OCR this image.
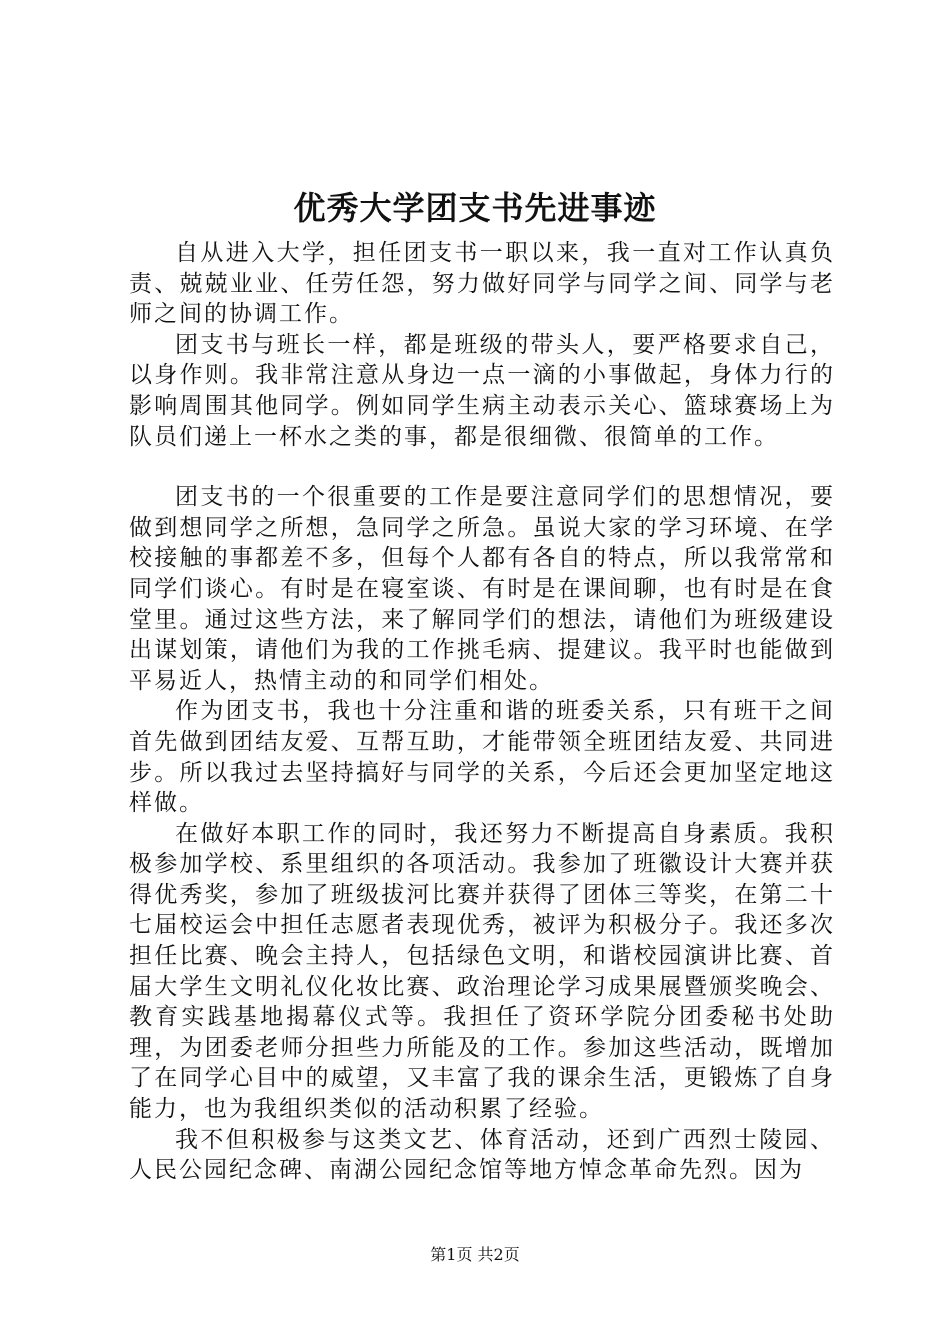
优秀大学团支书先进事迹

自从进入大学，担任团支书一职以来，我一直对工作认真负责、兢兢业业、任劳任怨，努力做好同学与同学之间、同学与老师之间的协调工作。

团支书与班长一样，都是班级的带头人，要严格要求自己，以身作则。我非常注意从身边一点一滴的小事做起，身体力行的影响周围其他同学。例如同学生病主动表示关心、篮球赛场上为队员们递上一杯水之类的事，都是很细微、很简单的工作。

团支书的一个很重要的工作是要注意同学们的思想情况，要做到想同学之所想，急同学之所急。虽说大家的学习环境、在学校接触的事都差不多，但每个人都有各自的特点，所以我常常和同学们谈心。有时是在寝室谈、有时是在课间聊，也有时是在食堂里。通过这些方法，来了解同学们的想法，请他们为班级建设出谋划策，请他们为我的工作挑毛病、提建议。我平时也能做到平易近人，热情主动的和同学们相处。

作为团支书，我也十分注重和谐的班委关系，只有班干之间首先做到团结友爱、互帮互助，才能带领全班团结友爱、共同进步。所以我过去坚持搞好与同学的关系，今后还会更加坚定地这样做。

在做好本职工作的同时，我还努力不断提高自身素质。我积极参加学校、系里组织的各项活动。我参加了班徽设计大赛并获得优秀奖，参加了班级拔河比赛并获得了团体三等奖，在第二十七届校运会中担任志愿者表现优秀，被评为积极分子。我还多次担任比赛、晚会主持人，包括绿色文明，和谐校园演讲比赛、首届大学生文明礼仪化妆比赛、政治理论学习成果展暨颁奖晚会、教育实践基地揭幕仪式等。我担任了资环学院分团委秘书处助理，为团委老师分担些力所能及的工作。参加这些活动，既增加了在同学心目中的威望，又丰富了我的课余生活，更锻炼了自身能力，也为我组织类似的活动积累了经验。

我不但积极参与这类文艺、体育活动，还到广西烈士陵园、人民公园纪念碑、南湖公园纪念馆等地方悼念革命先烈。因为

第1页 共2页
